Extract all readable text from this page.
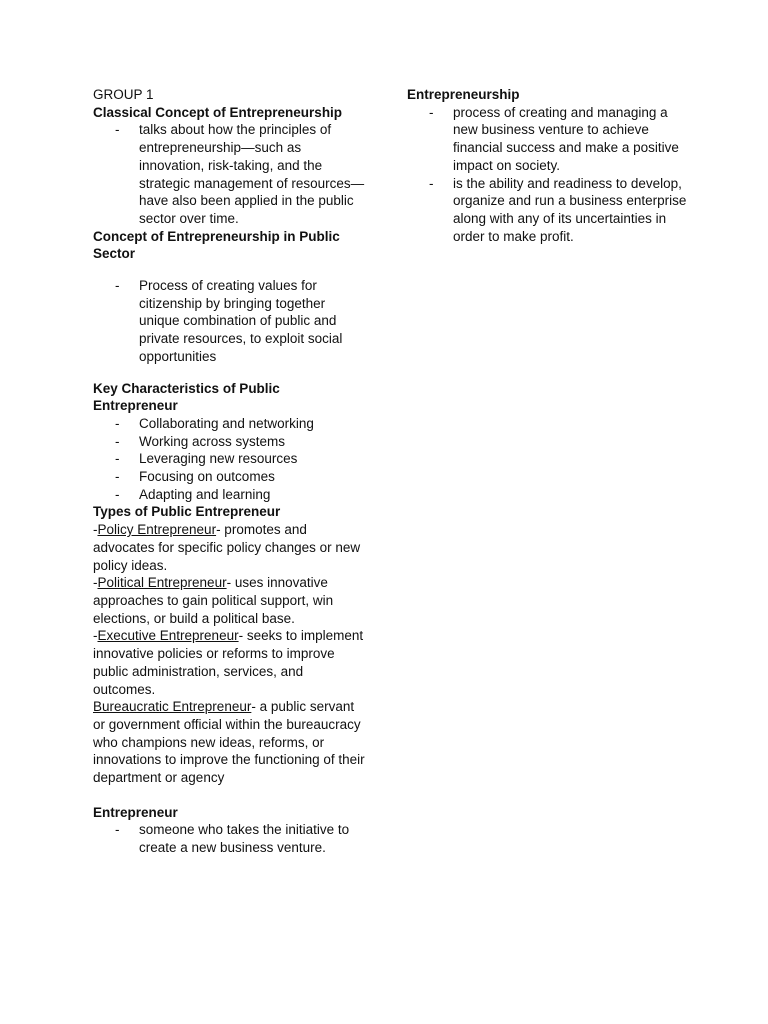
GROUP 1

Classical Concept of Entrepreneurship

- talks about how the principles of entrepreneurship—such as innovation, risk-taking, and the strategic management of resources—have also been applied in the public sector over time.

Concept of Entrepreneurship in Public Sector

- Process of creating values for citizenship by bringing together unique combination of public and private resources, to exploit social opportunities

Key Characteristics of Public Entrepreneur

- Collaborating and networking
- Working across systems
- Leveraging new resources
- Focusing on outcomes
- Adapting and learning

Types of Public Entrepreneur

-Policy Entrepreneur- promotes and advocates for specific policy changes or new policy ideas.

-Political Entrepreneur- uses innovative approaches to gain political support, win elections, or build a political base.

-Executive Entrepreneur- seeks to implement innovative policies or reforms to improve public administration, services, and outcomes.

Bureaucratic Entrepreneur- a public servant or government official within the bureaucracy who champions new ideas, reforms, or innovations to improve the functioning of their department or agency

Entrepreneur

- someone who takes the initiative to create a new business venture.

Entrepreneurship

- process of creating and managing a new business venture to achieve financial success and make a positive impact on society.
- is the ability and readiness to develop, organize and run a business enterprise along with any of its uncertainties in order to make profit.
